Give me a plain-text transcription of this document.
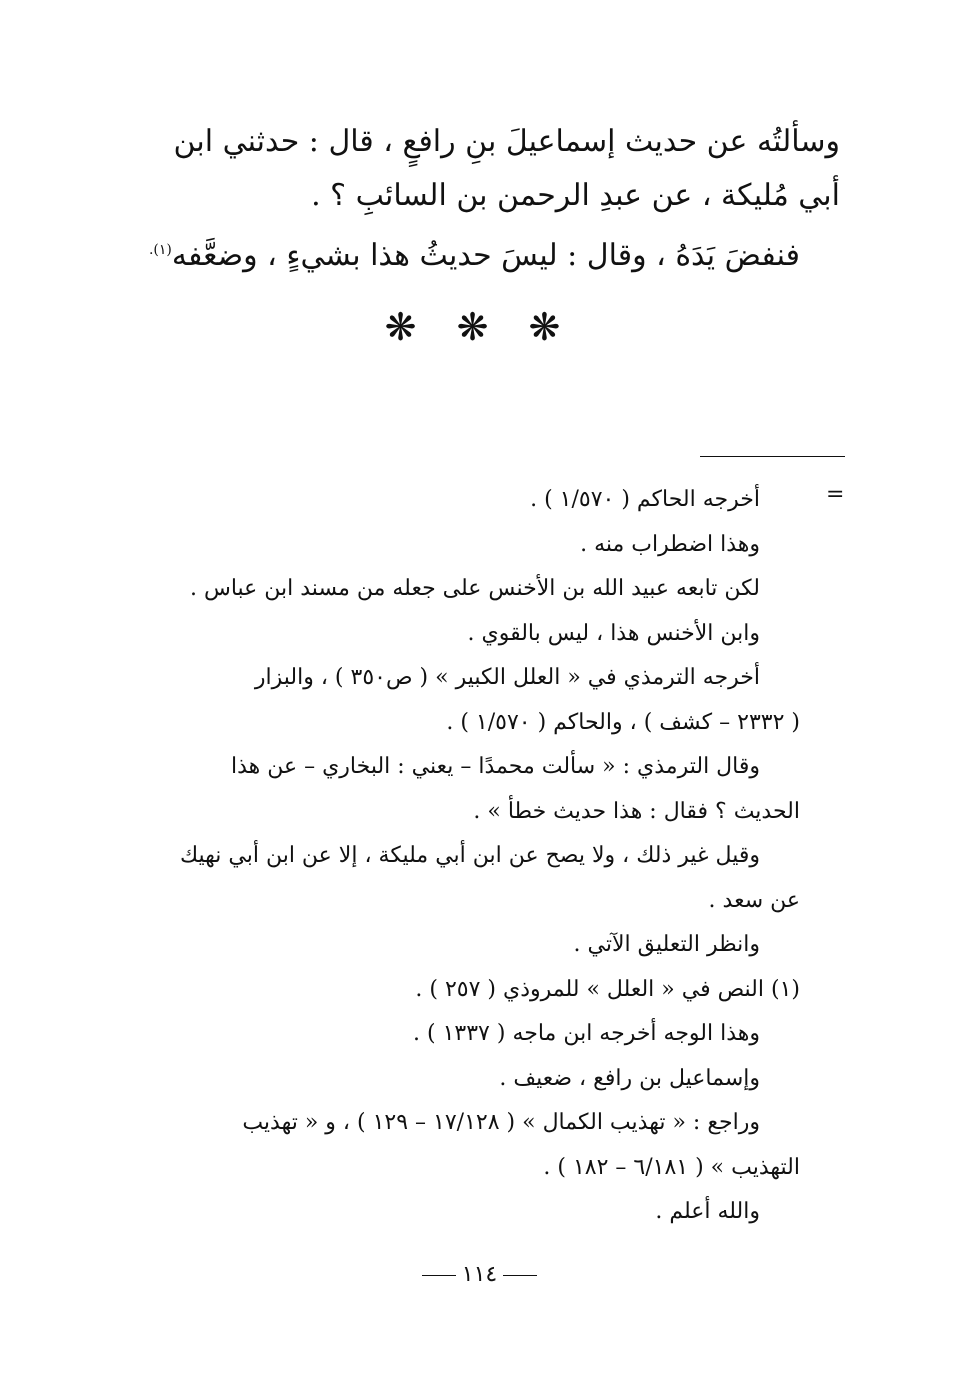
وسألتُه عن حديث إسماعيلَ بنِ رافعٍ ، قال : حدثني ابن
أبي مُليكة ، عن عبدِ الرحمن بن السائبِ ؟ .
فنفضَ يَدَهُ ، وقال : ليسَ حديثُ هذا بشيءٍ ، وضعَّفه$^{(١).}$
❋ ❋ ❋
=
أخرجه الحاكم ( ١/٥٧٠ ) .
وهذا اضطراب منه .
لكن تابعه عبيد الله بن الأخنس على جعله من مسند ابن عباس .
وابن الأخنس هذا ، ليس بالقوي .
أخرجه الترمذي في « العلل الكبير » ( ص٣٥٠ ) ، والبزار
( ٢٣٣٢ – كشف ) ، والحاكم ( ١/٥٧٠ ) .
وقال الترمذي : « سألت محمدًا – يعني : البخاري – عن هذا
الحديث ؟ فقال : هذا حديث خطأ » .
وقيل غير ذلك ، ولا يصح عن ابن أبي مليكة ، إلا عن ابن أبي نهيك
عن سعد .
وانظر التعليق الآتي .
(١) النص في « العلل » للمروذي ( ٢٥٧ ) .
وهذا الوجه أخرجه ابن ماجه ( ١٣٣٧ ) .
وإسماعيل بن رافع ، ضعيف .
وراجع : « تهذيب الكمال » ( ١٧/١٢٨ – ١٢٩ ) ، و « تهذيب
التهذيب » ( ٦/١٨١ – ١٨٢ ) .
والله أعلم .
١١٤
